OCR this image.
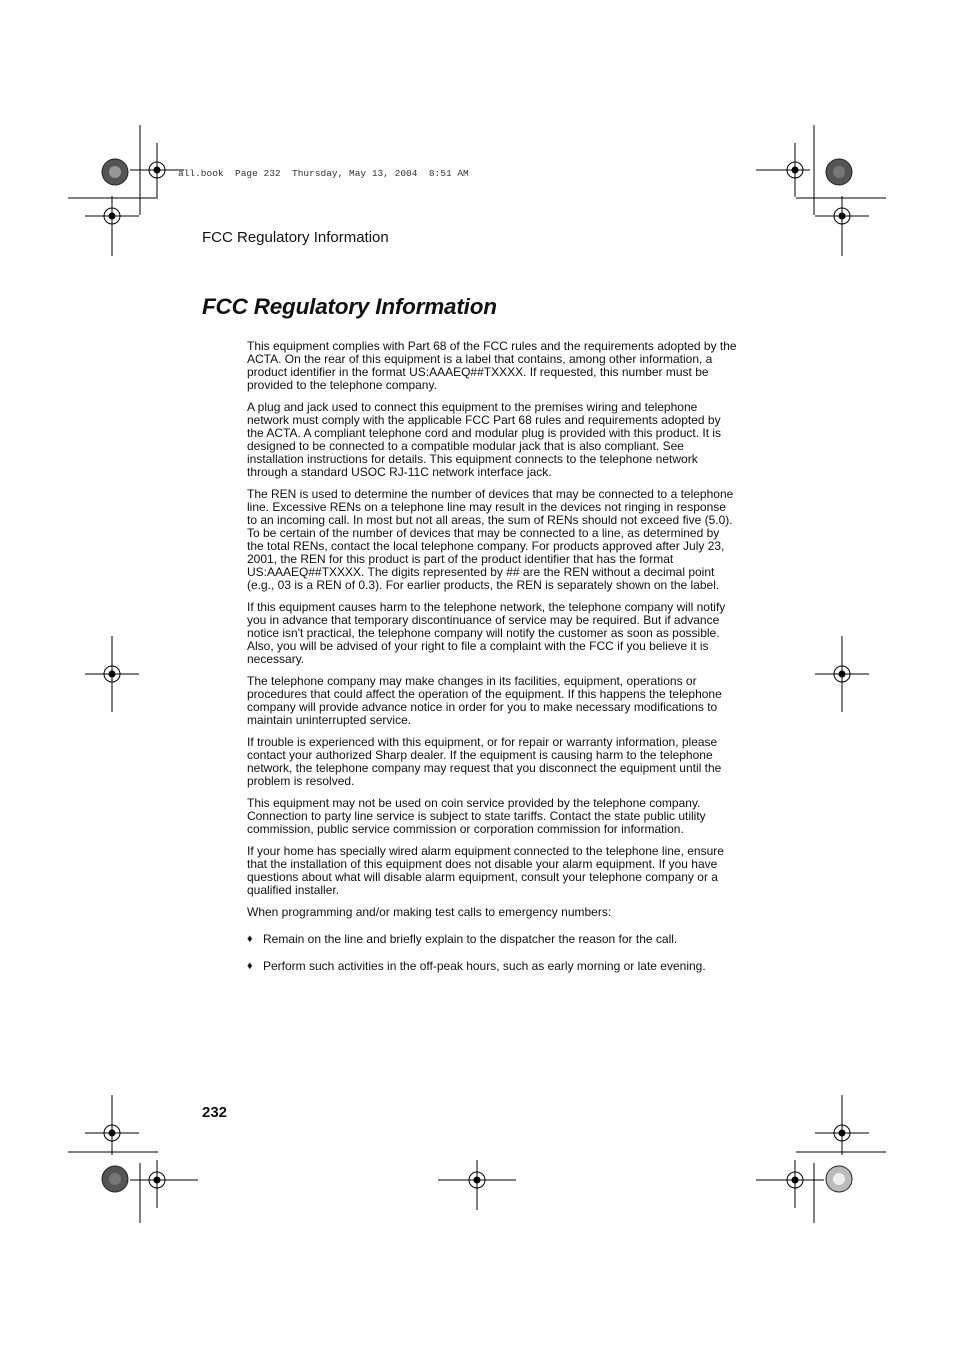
all.book  Page 232  Thursday, May 13, 2004  8:51 AM

FCC Regulatory Information

FCC Regulatory Information

This equipment complies with Part 68 of the FCC rules and the requirements adopted by the ACTA. On the rear of this equipment is a label that contains, among other information, a product identifier in the format US:AAAEQ##TXXXX. If requested, this number must be provided to the telephone company.

A plug and jack used to connect this equipment to the premises wiring and telephone network must comply with the applicable FCC Part 68 rules and requirements adopted by the ACTA. A compliant telephone cord and modular plug is provided with this product. It is designed to be connected to a compatible modular jack that is also compliant. See installation instructions for details. This equipment connects to the telephone network through a standard USOC RJ-11C network interface jack.

The REN is used to determine the number of devices that may be connected to a telephone line. Excessive RENs on a telephone line may result in the devices not ringing in response to an incoming call. In most but not all areas, the sum of RENs should not exceed five (5.0). To be certain of the number of devices that may be connected to a line, as determined by the total RENs, contact the local telephone company. For products approved after July 23, 2001, the REN for this product is part of the product identifier that has the format US:AAAEQ##TXXXX. The digits represented by ## are the REN without a decimal point (e.g., 03 is a REN of 0.3). For earlier products, the REN is separately shown on the label.

If this equipment causes harm to the telephone network, the telephone company will notify you in advance that temporary discontinuance of service may be required. But if advance notice isn't practical, the telephone company will notify the customer as soon as possible. Also, you will be advised of your right to file a complaint with the FCC if you believe it is necessary.

The telephone company may make changes in its facilities, equipment, operations or procedures that could affect the operation of the equipment. If this happens the telephone company will provide advance notice in order for you to make necessary modifications to maintain uninterrupted service.

If trouble is experienced with this equipment, or for repair or warranty information, please contact your authorized Sharp dealer. If the equipment is causing harm to the telephone network, the telephone company may request that you disconnect the equipment until the problem is resolved.

This equipment may not be used on coin service provided by the telephone company. Connection to party line service is subject to state tariffs. Contact the state public utility commission, public service commission or corporation commission for information.

If your home has specially wired alarm equipment connected to the telephone line, ensure that the installation of this equipment does not disable your alarm equipment. If you have questions about what will disable alarm equipment, consult your telephone company or a qualified installer.

When programming and/or making test calls to emergency numbers:

♦ Remain on the line and briefly explain to the dispatcher the reason for the call.
♦ Perform such activities in the off-peak hours, such as early morning or late evening.

232
